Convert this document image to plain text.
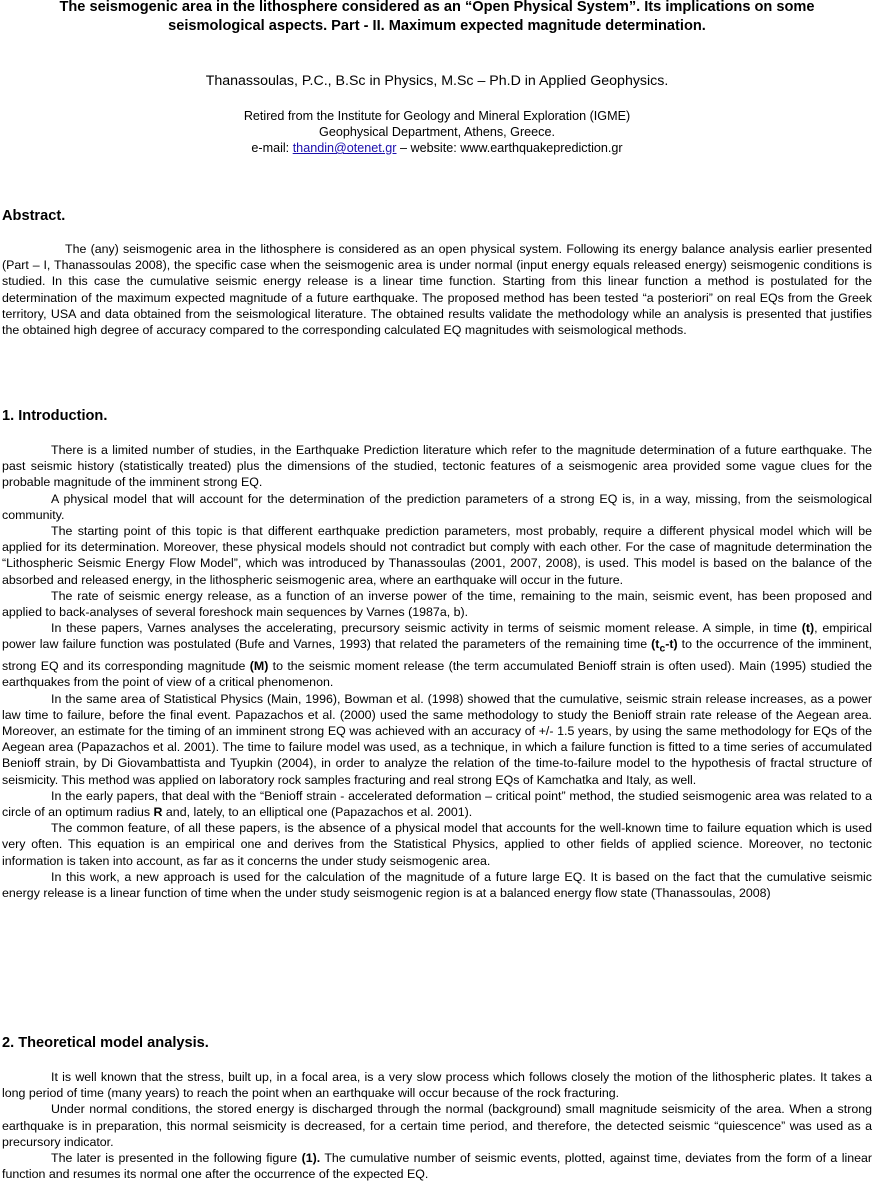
The seismogenic area in the lithosphere considered as an “Open Physical System”. Its implications on some
seismological aspects. Part - II. Maximum expected magnitude determination.
Thanassoulas, P.C., B.Sc in Physics, M.Sc – Ph.D in Applied Geophysics.
Retired from the Institute for Geology and Mineral Exploration (IGME)
Geophysical Department, Athens, Greece.
e-mail: thandin@otenet.gr – website: www.earthquakeprediction.gr
Abstract.

The (any) seismogenic area in the lithosphere is considered as an open physical system. Following its energy balance analysis earlier presented (Part – I, Thanassoulas 2008), the specific case when the seismogenic area is under normal (input energy equals released energy) seismogenic conditions is studied. In this case the cumulative seismic energy release is a linear time function. Starting from this linear function a method is postulated for the determination of the maximum expected magnitude of a future earthquake. The proposed method has been tested “a posteriori” on real EQs from the Greek territory, USA and data obtained from the seismological literature. The obtained results validate the methodology while an analysis is presented that justifies the obtained high degree of accuracy compared to the corresponding calculated EQ magnitudes with seismological methods.

1. Introduction.

There is a limited number of studies, in the Earthquake Prediction literature which refer to the magnitude determination of a future earthquake. The past seismic history (statistically treated) plus the dimensions of the studied, tectonic features of a seismogenic area provided some vague clues for the probable magnitude of the imminent strong EQ.

A physical model that will account for the determination of the prediction parameters of a strong EQ is, in a way, missing, from the seismological community.

The starting point of this topic is that different earthquake prediction parameters, most probably, require a different physical model which will be applied for its determination. Moreover, these physical models should not contradict but comply with each other. For the case of magnitude determination the “Lithospheric Seismic Energy Flow Model”, which was introduced by Thanassoulas (2001, 2007, 2008), is used. This model is based on the balance of the absorbed and released energy, in the lithospheric seismogenic area, where an earthquake will occur in the future.

The rate of seismic energy release, as a function of an inverse power of the time, remaining to the main, seismic event, has been proposed and applied to back-analyses of several foreshock main sequences by Varnes (1987a, b).

In these papers, Varnes analyses the accelerating, precursory seismic activity in terms of seismic moment release. A simple, in time (t), empirical power law failure function was postulated (Bufe and Varnes, 1993) that related the parameters of the remaining time $(t_c-t)$ to the occurrence of the imminent, strong EQ and its corresponding magnitude (M) to the seismic moment release (the term accumulated Benioff strain is often used). Main (1995) studied the earthquakes from the point of view of a critical phenomenon.

In the same area of Statistical Physics (Main, 1996), Bowman et al. (1998) showed that the cumulative, seismic strain release increases, as a power law time to failure, before the final event. Papazachos et al. (2000) used the same methodology to study the Benioff strain rate release of the Aegean area. Moreover, an estimate for the timing of an imminent strong EQ was achieved with an accuracy of +/- 1.5 years, by using the same methodology for EQs of the Aegean area (Papazachos et al. 2001). The time to failure model was used, as a technique, in which a failure function is fitted to a time series of accumulated Benioff strain, by Di Giovambattista and Tyupkin (2004), in order to analyze the relation of the time-to-failure model to the hypothesis of fractal structure of seismicity. This method was applied on laboratory rock samples fracturing and real strong EQs of Kamchatka and Italy, as well.

In the early papers, that deal with the “Benioff strain - accelerated deformation – critical point” method, the studied seismogenic area was related to a circle of an optimum radius R and, lately, to an elliptical one (Papazachos et al. 2001).

The common feature, of all these papers, is the absence of a physical model that accounts for the well-known time to failure equation which is used very often. This equation is an empirical one and derives from the Statistical Physics, applied to other fields of applied science. Moreover, no tectonic information is taken into account, as far as it concerns the under study seismogenic area.

In this work, a new approach is used for the calculation of the magnitude of a future large EQ. It is based on the fact that the cumulative seismic energy release is a linear function of time when the under study seismogenic region is at a balanced energy flow state (Thanassoulas, 2008)

2. Theoretical model analysis.

It is well known that the stress, built up, in a focal area, is a very slow process which follows closely the motion of the lithospheric plates. It takes a long period of time (many years) to reach the point when an earthquake will occur because of the rock fracturing.

Under normal conditions, the stored energy is discharged through the normal (background) small magnitude seismicity of the area. When a strong earthquake is in preparation, this normal seismicity is decreased, for a certain time period, and therefore, the detected seismic “quiescence” was used as a precursory indicator.

The later is presented in the following figure (1). The cumulative number of seismic events, plotted, against time, deviates from the form of a linear function and resumes its normal one after the occurrence of the expected EQ.
